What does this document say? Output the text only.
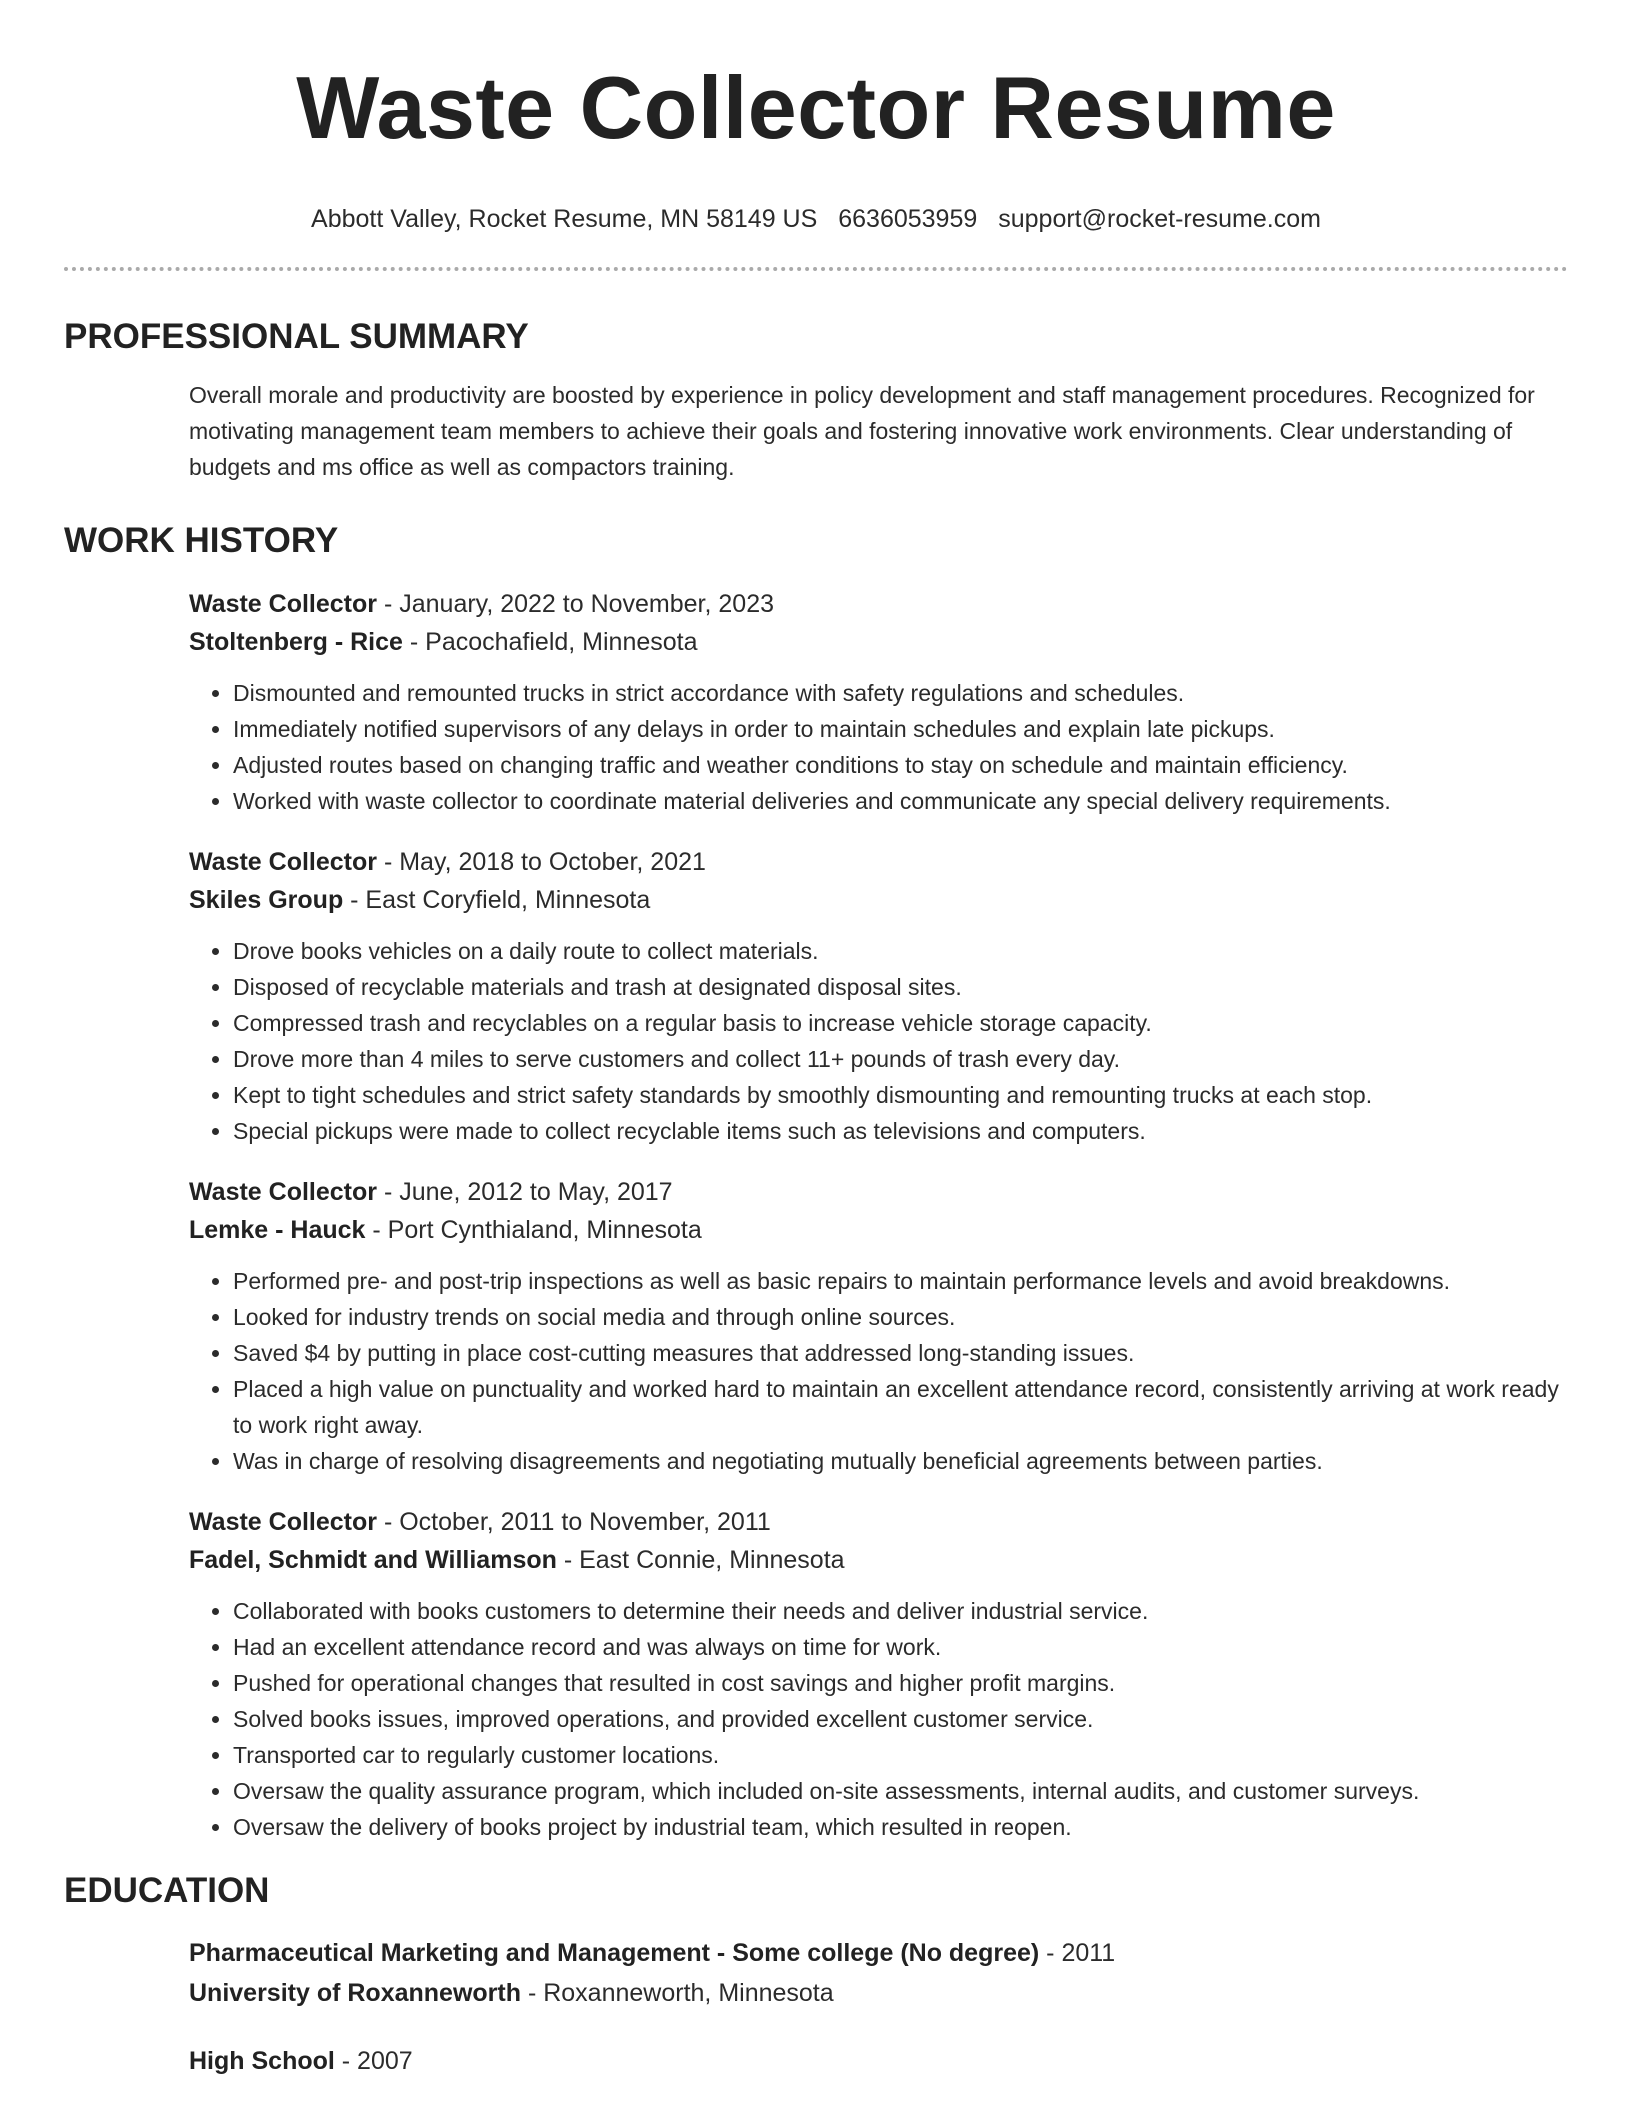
Waste Collector Resume
Abbott Valley, Rocket Resume, MN 58149 US 6636053959 support@rocket-resume.com
PROFESSIONAL SUMMARY
Overall morale and productivity are boosted by experience in policy development and staff management procedures. Recognized for motivating management team members to achieve their goals and fostering innovative work environments. Clear understanding of budgets and ms office as well as compactors training.
WORK HISTORY
Waste Collector - January, 2022 to November, 2023
Stoltenberg - Rice - Pacochafield, Minnesota
• Dismounted and remounted trucks in strict accordance with safety regulations and schedules.
• Immediately notified supervisors of any delays in order to maintain schedules and explain late pickups.
• Adjusted routes based on changing traffic and weather conditions to stay on schedule and maintain efficiency.
• Worked with waste collector to coordinate material deliveries and communicate any special delivery requirements.
Waste Collector - May, 2018 to October, 2021
Skiles Group - East Coryfield, Minnesota
• Drove books vehicles on a daily route to collect materials.
• Disposed of recyclable materials and trash at designated disposal sites.
• Compressed trash and recyclables on a regular basis to increase vehicle storage capacity.
• Drove more than 4 miles to serve customers and collect 11+ pounds of trash every day.
• Kept to tight schedules and strict safety standards by smoothly dismounting and remounting trucks at each stop.
• Special pickups were made to collect recyclable items such as televisions and computers.
Waste Collector - June, 2012 to May, 2017
Lemke - Hauck - Port Cynthialand, Minnesota
• Performed pre- and post-trip inspections as well as basic repairs to maintain performance levels and avoid breakdowns.
• Looked for industry trends on social media and through online sources.
• Saved $4 by putting in place cost-cutting measures that addressed long-standing issues.
• Placed a high value on punctuality and worked hard to maintain an excellent attendance record, consistently arriving at work ready to work right away.
• Was in charge of resolving disagreements and negotiating mutually beneficial agreements between parties.
Waste Collector - October, 2011 to November, 2011
Fadel, Schmidt and Williamson - East Connie, Minnesota
• Collaborated with books customers to determine their needs and deliver industrial service.
• Had an excellent attendance record and was always on time for work.
• Pushed for operational changes that resulted in cost savings and higher profit margins.
• Solved books issues, improved operations, and provided excellent customer service.
• Transported car to regularly customer locations.
• Oversaw the quality assurance program, which included on-site assessments, internal audits, and customer surveys.
• Oversaw the delivery of books project by industrial team, which resulted in reopen.
EDUCATION
Pharmaceutical Marketing and Management - Some college (No degree) - 2011
University of Roxanneworth - Roxanneworth, Minnesota
High School - 2007
